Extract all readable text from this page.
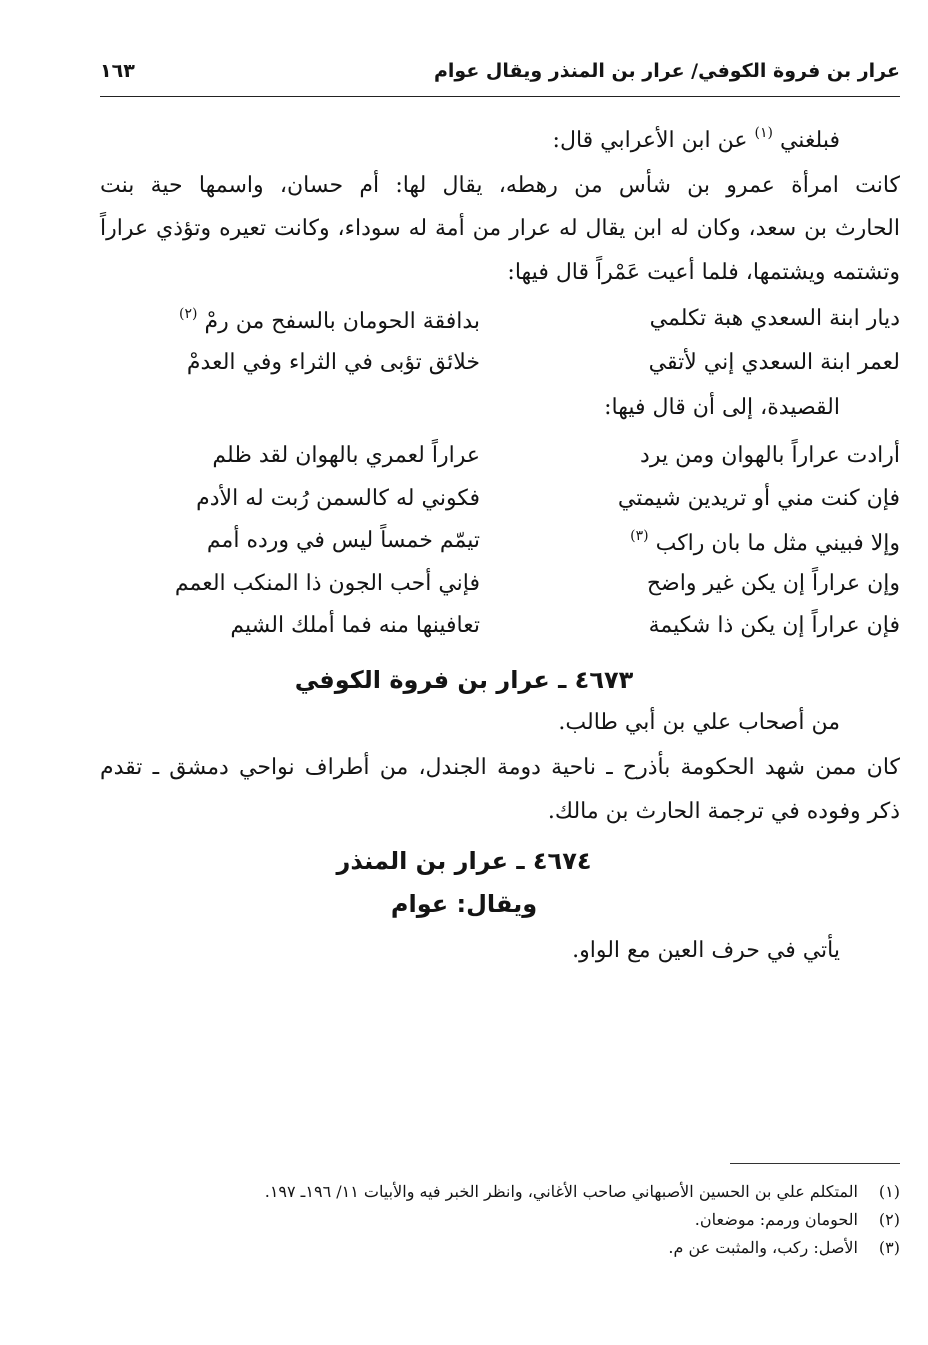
عرار بن فروة الكوفي/ عرار بن المنذر ويقال عوام
١٦٣
فبلغني $^{(١)}$ عن ابن الأعرابي قال:
كانت امرأة عمرو بن شأس من رهطه، يقال لها: أم حسان، واسمها حية بنت
الحارث بن سعد، وكان له ابن يقال له عرار من أمة له سوداء، وكانت تعيره وتؤذي عراراً
وتشتمه ويشتمها، فلما أعيت عَمْراً قال فيها:
ديار ابنة السعدي هبة تكلمي
بدافقة الحومان بالسفح من رمْ $^{(٢)}$
لعمر ابنة السعدي إني لأتقي
خلائق تؤبى في الثراء وفي العدمْ
القصيدة، إلى أن قال فيها:
أرادت عراراً بالهوان ومن يرد
عراراً لعمري بالهوان لقد ظلم
فإن كنت مني أو تريدين شيمتي
فكوني له كالسمن رُبت له الأدم
وإلا فبيني مثل ما بان راكب $^{(٣)}$
تيمّم خمساً ليس في ورده أمم
وإن عراراً إن يكن غير واضح
فإني أحب الجون ذا المنكب العمم
فإن عراراً إن يكن ذا شكيمة
تعافينها منه فما أملك الشيم
٤٦٧٣ ـ عرار بن فروة الكوفي
من أصحاب علي بن أبي طالب.
كان ممن شهد الحكومة بأذرح ـ ناحية دومة الجندل، من أطراف نواحي دمشق ـ تقدم
ذكر وفوده في ترجمة الحارث بن مالك.
٤٦٧٤ ـ عرار بن المنذر
ويقال: عوام
يأتي في حرف العين مع الواو.
(١)المتكلم علي بن الحسين الأصبهاني صاحب الأغاني، وانظر الخبر فيه والأبيات ١١/ ١٩٦ـ ١٩٧.
(٢)الحومان ورمم: موضعان.
(٣)الأصل: ركب، والمثبت عن م.
